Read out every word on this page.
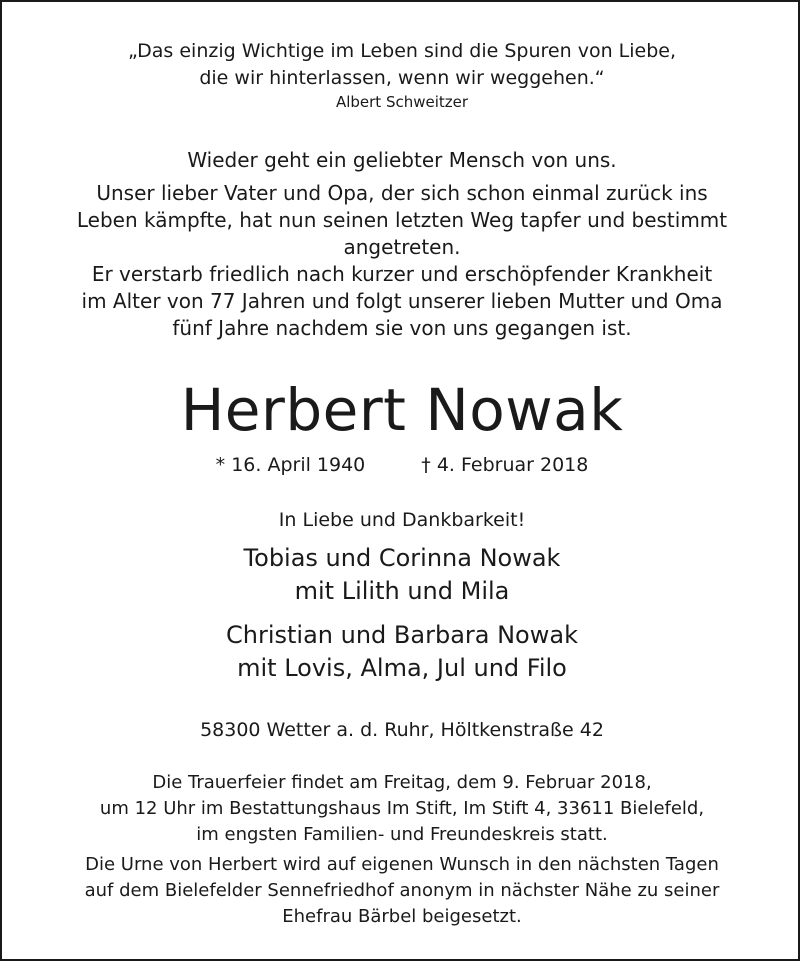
„Das einzig Wichtige im Leben sind die Spuren von Liebe,
die wir hinterlassen, wenn wir weggehen.“
Albert Schweitzer
Wieder geht ein geliebter Mensch von uns.
Unser lieber Vater und Opa, der sich schon einmal zurück ins
Leben kämpfte, hat nun seinen letzten Weg tapfer und bestimmt
angetreten.
Er verstarb friedlich nach kurzer und erschöpfender Krankheit
im Alter von 77 Jahren und folgt unserer lieben Mutter und Oma
fünf Jahre nachdem sie von uns gegangen ist.
Herbert Nowak
* 16. April 1940	† 4. Februar 2018
In Liebe und Dankbarkeit!
Tobias und Corinna Nowak
mit Lilith und Mila
Christian und Barbara Nowak
mit Lovis, Alma, Jul und Filo
58300 Wetter a. d. Ruhr, Höltkenstraße 42
Die Trauerfeier findet am Freitag, dem 9. Februar 2018,
um 12 Uhr im Bestattungshaus Im Stift, Im Stift 4, 33611 Bielefeld,
im engsten Familien- und Freundeskreis statt.
Die Urne von Herbert wird auf eigenen Wunsch in den nächsten Tagen
auf dem Bielefelder Sennefriedhof anonym in nächster Nähe zu seiner
Ehefrau Bärbel beigesetzt.
